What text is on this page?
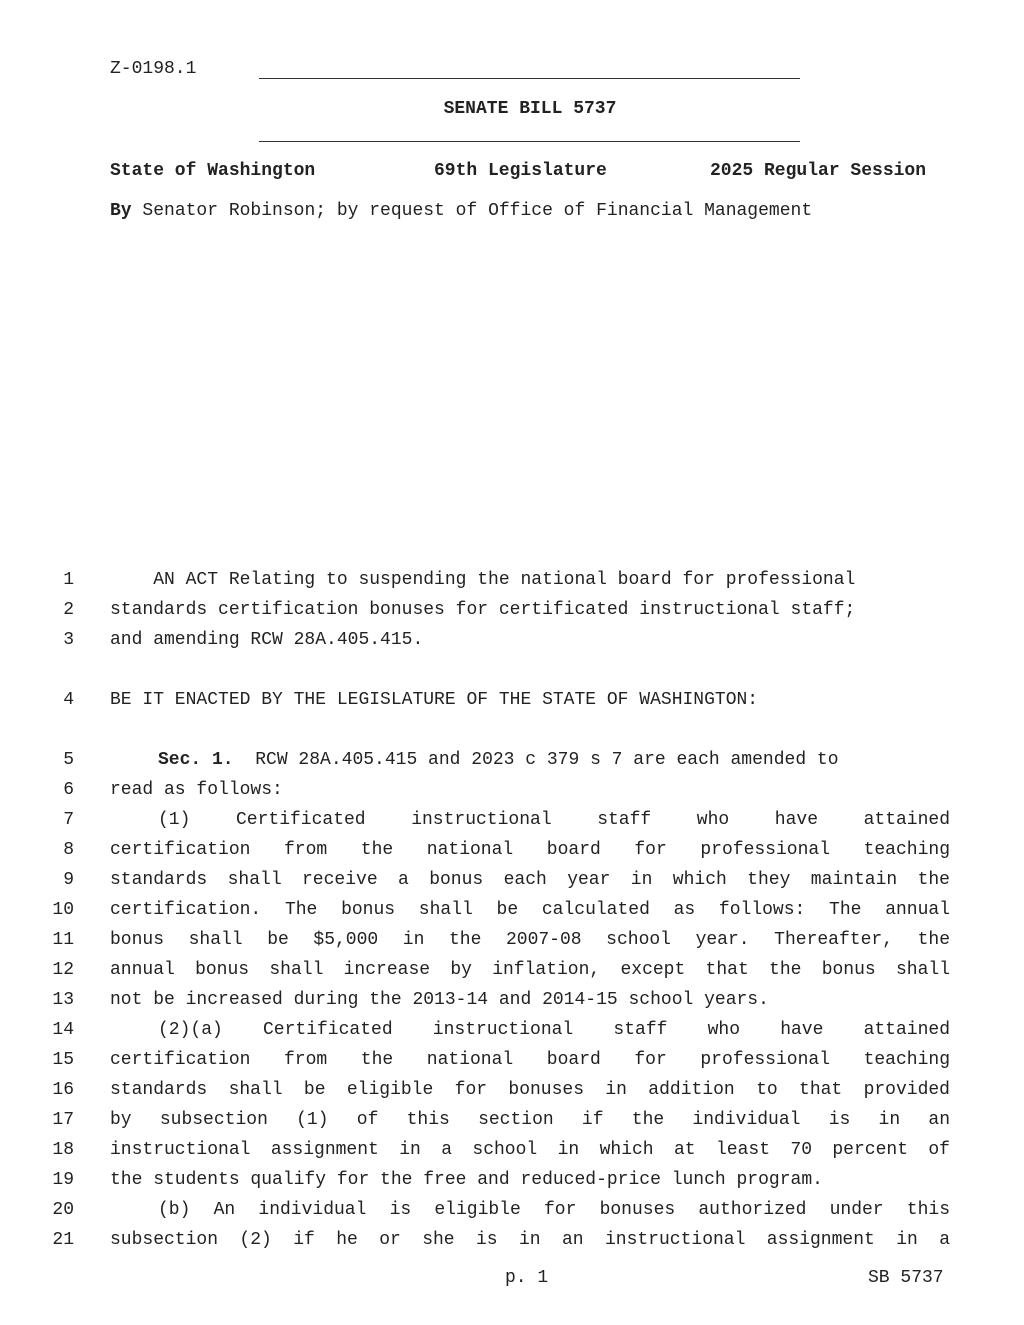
Z-0198.1
SENATE BILL 5737
State of Washington	69th Legislature	2025 Regular Session
By Senator Robinson; by request of Office of Financial Management
1 AN ACT Relating to suspending the national board for professional
2 standards certification bonuses for certificated instructional staff;
3 and amending RCW 28A.405.415.
4 BE IT ENACTED BY THE LEGISLATURE OF THE STATE OF WASHINGTON:
5	Sec. 1.  RCW 28A.405.415 and 2023 c 379 s 7 are each amended to
6 read as follows:
7	(1) Certificated instructional staff who have attained
8 certification from the national board for professional teaching
9 standards shall receive a bonus each year in which they maintain the
10 certification. The bonus shall be calculated as follows: The annual
11 bonus shall be $5,000 in the 2007-08 school year. Thereafter, the
12 annual bonus shall increase by inflation, except that the bonus shall
13 not be increased during the 2013-14 and 2014-15 school years.
14	(2)(a) Certificated instructional staff who have attained
15 certification from the national board for professional teaching
16 standards shall be eligible for bonuses in addition to that provided
17 by subsection (1) of this section if the individual is in an
18 instructional assignment in a school in which at least 70 percent of
19 the students qualify for the free and reduced-price lunch program.
20	(b) An individual is eligible for bonuses authorized under this
21 subsection (2) if he or she is in an instructional assignment in a
p. 1	SB 5737
